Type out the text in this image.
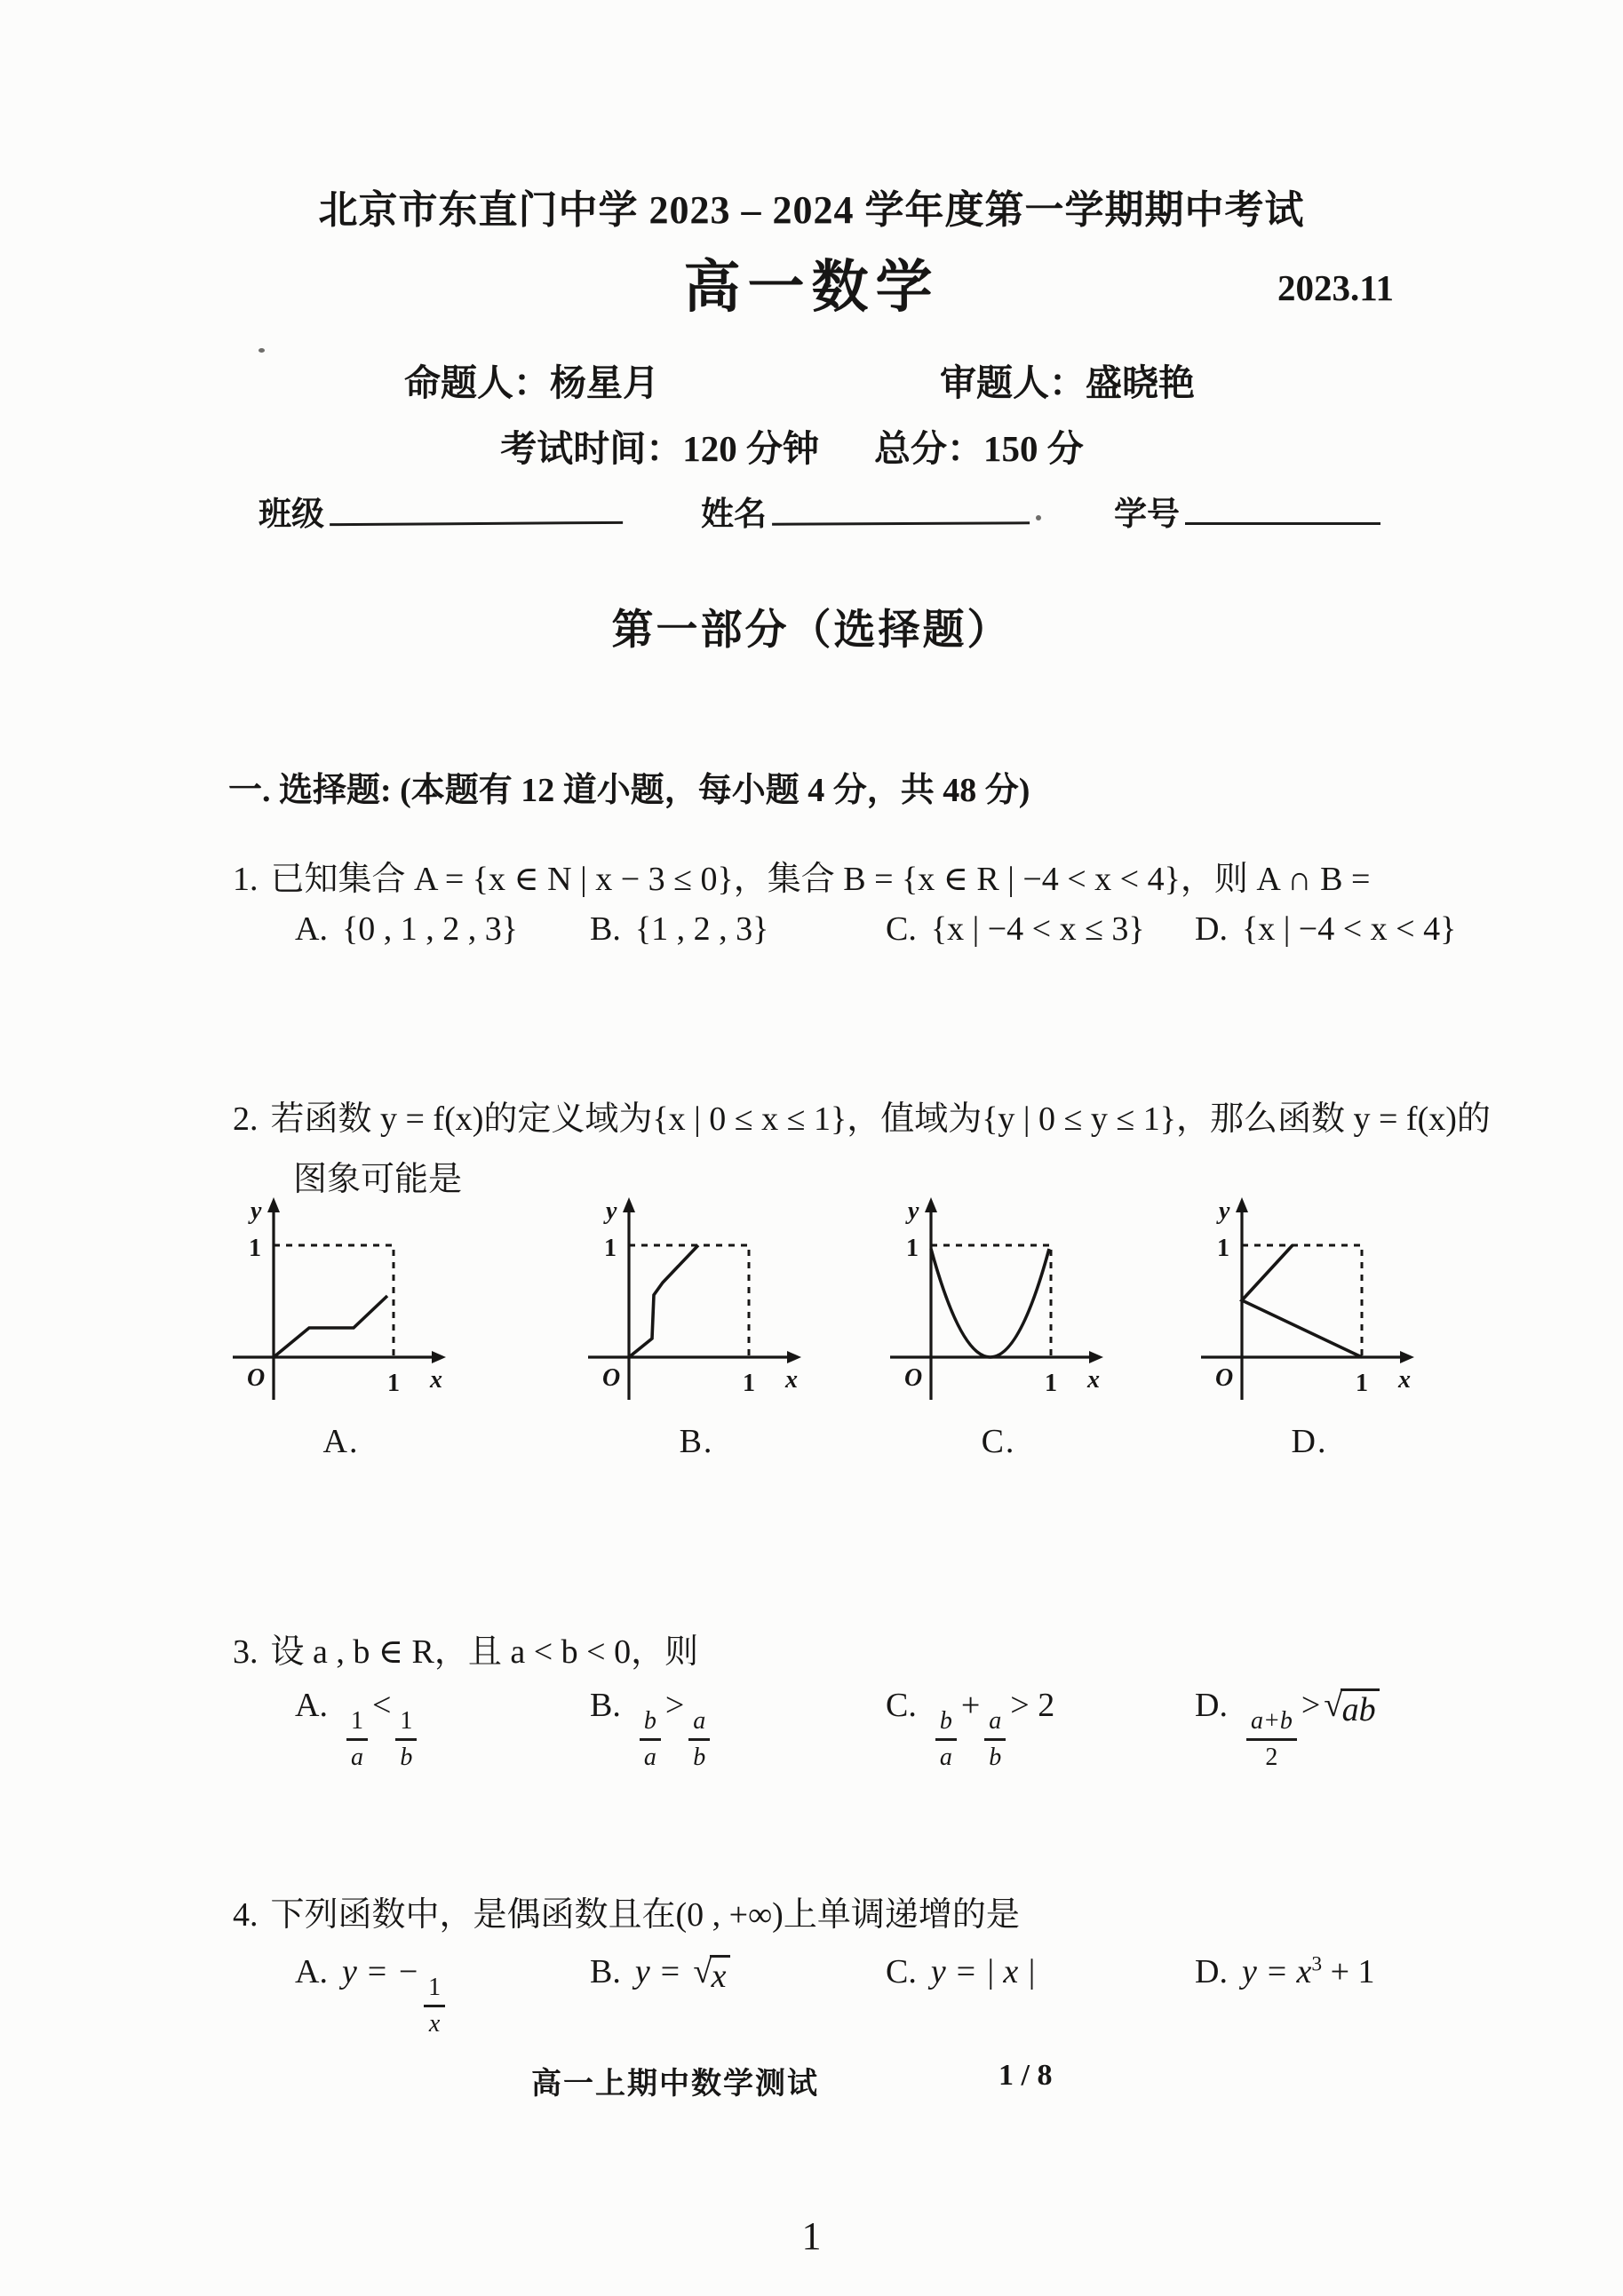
北京市东直门中学 2023 – 2024 学年度第一学期期中考试
高一数学	2023.11
命题人：杨星月	审题人：盛晓艳
考试时间：120 分钟 总分：150 分
班级	姓名	学号
第一部分（选择题）
一. 选择题: (本题有 12 道小题，每小题 4 分，共 48 分)
1. 已知集合 A = {x ∈ N | x − 3 ≤ 0}，集合 B = {x ∈ R | −4 < x < 4}，则 A ∩ B =
A. {0 , 1 , 2 , 3} B. {1 , 2 , 3}	C. {x | −4 < x ≤ 3} D. {x | −4 < x < 4}
2. 若函数 y = f(x)的定义域为{x | 0 ≤ x ≤ 1}，值域为{y | 0 ≤ y ≤ 1}，那么函数 y = f(x)的
图象可能是
y
1
O	1 x
A.
y
1
O	1 x
B.
y
1
O	1 x
C.
y
1
O	1 x
D.
3. 设 a , b ∈ R，且 a < b < 0，则
A.
$\frac{1}{a}$
<
$\frac{1}{b}$
B.
$\frac{b}{a}$
>
$\frac{a}{b}$
C.
$\frac{b}{a}$
+
$\frac{a}{b}$
> 2	D.
$\frac{a+b}{2}$
> √ ab
4. 下列函数中，是偶函数且在(0 , +∞)上单调递增的是
A. y = −
$\frac{1}{x}$
B. y = √ x	C. y = | x |	D. $y = x^3 + 1$
高一上期中数学测试	1 / 8
1
